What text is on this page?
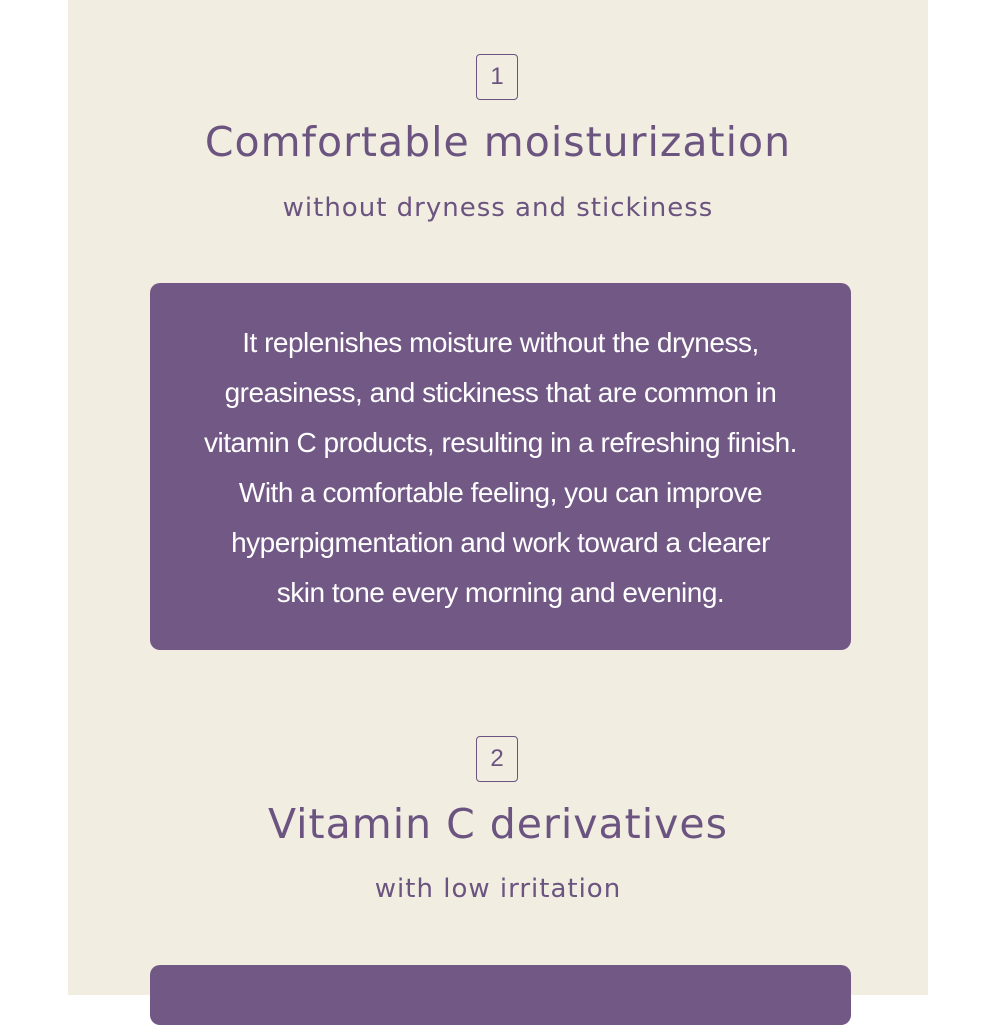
1
Comfortable moisturization
without dryness and stickiness

It replenishes moisture without the dryness,

greasiness, and stickiness that are common in

vitamin C products, resulting in a refreshing finish.

With a comfortable feeling, you can improve

hyperpigmentation and work toward a clearer

skin tone every morning and evening.

2
Vitamin C derivatives
with low irritation
